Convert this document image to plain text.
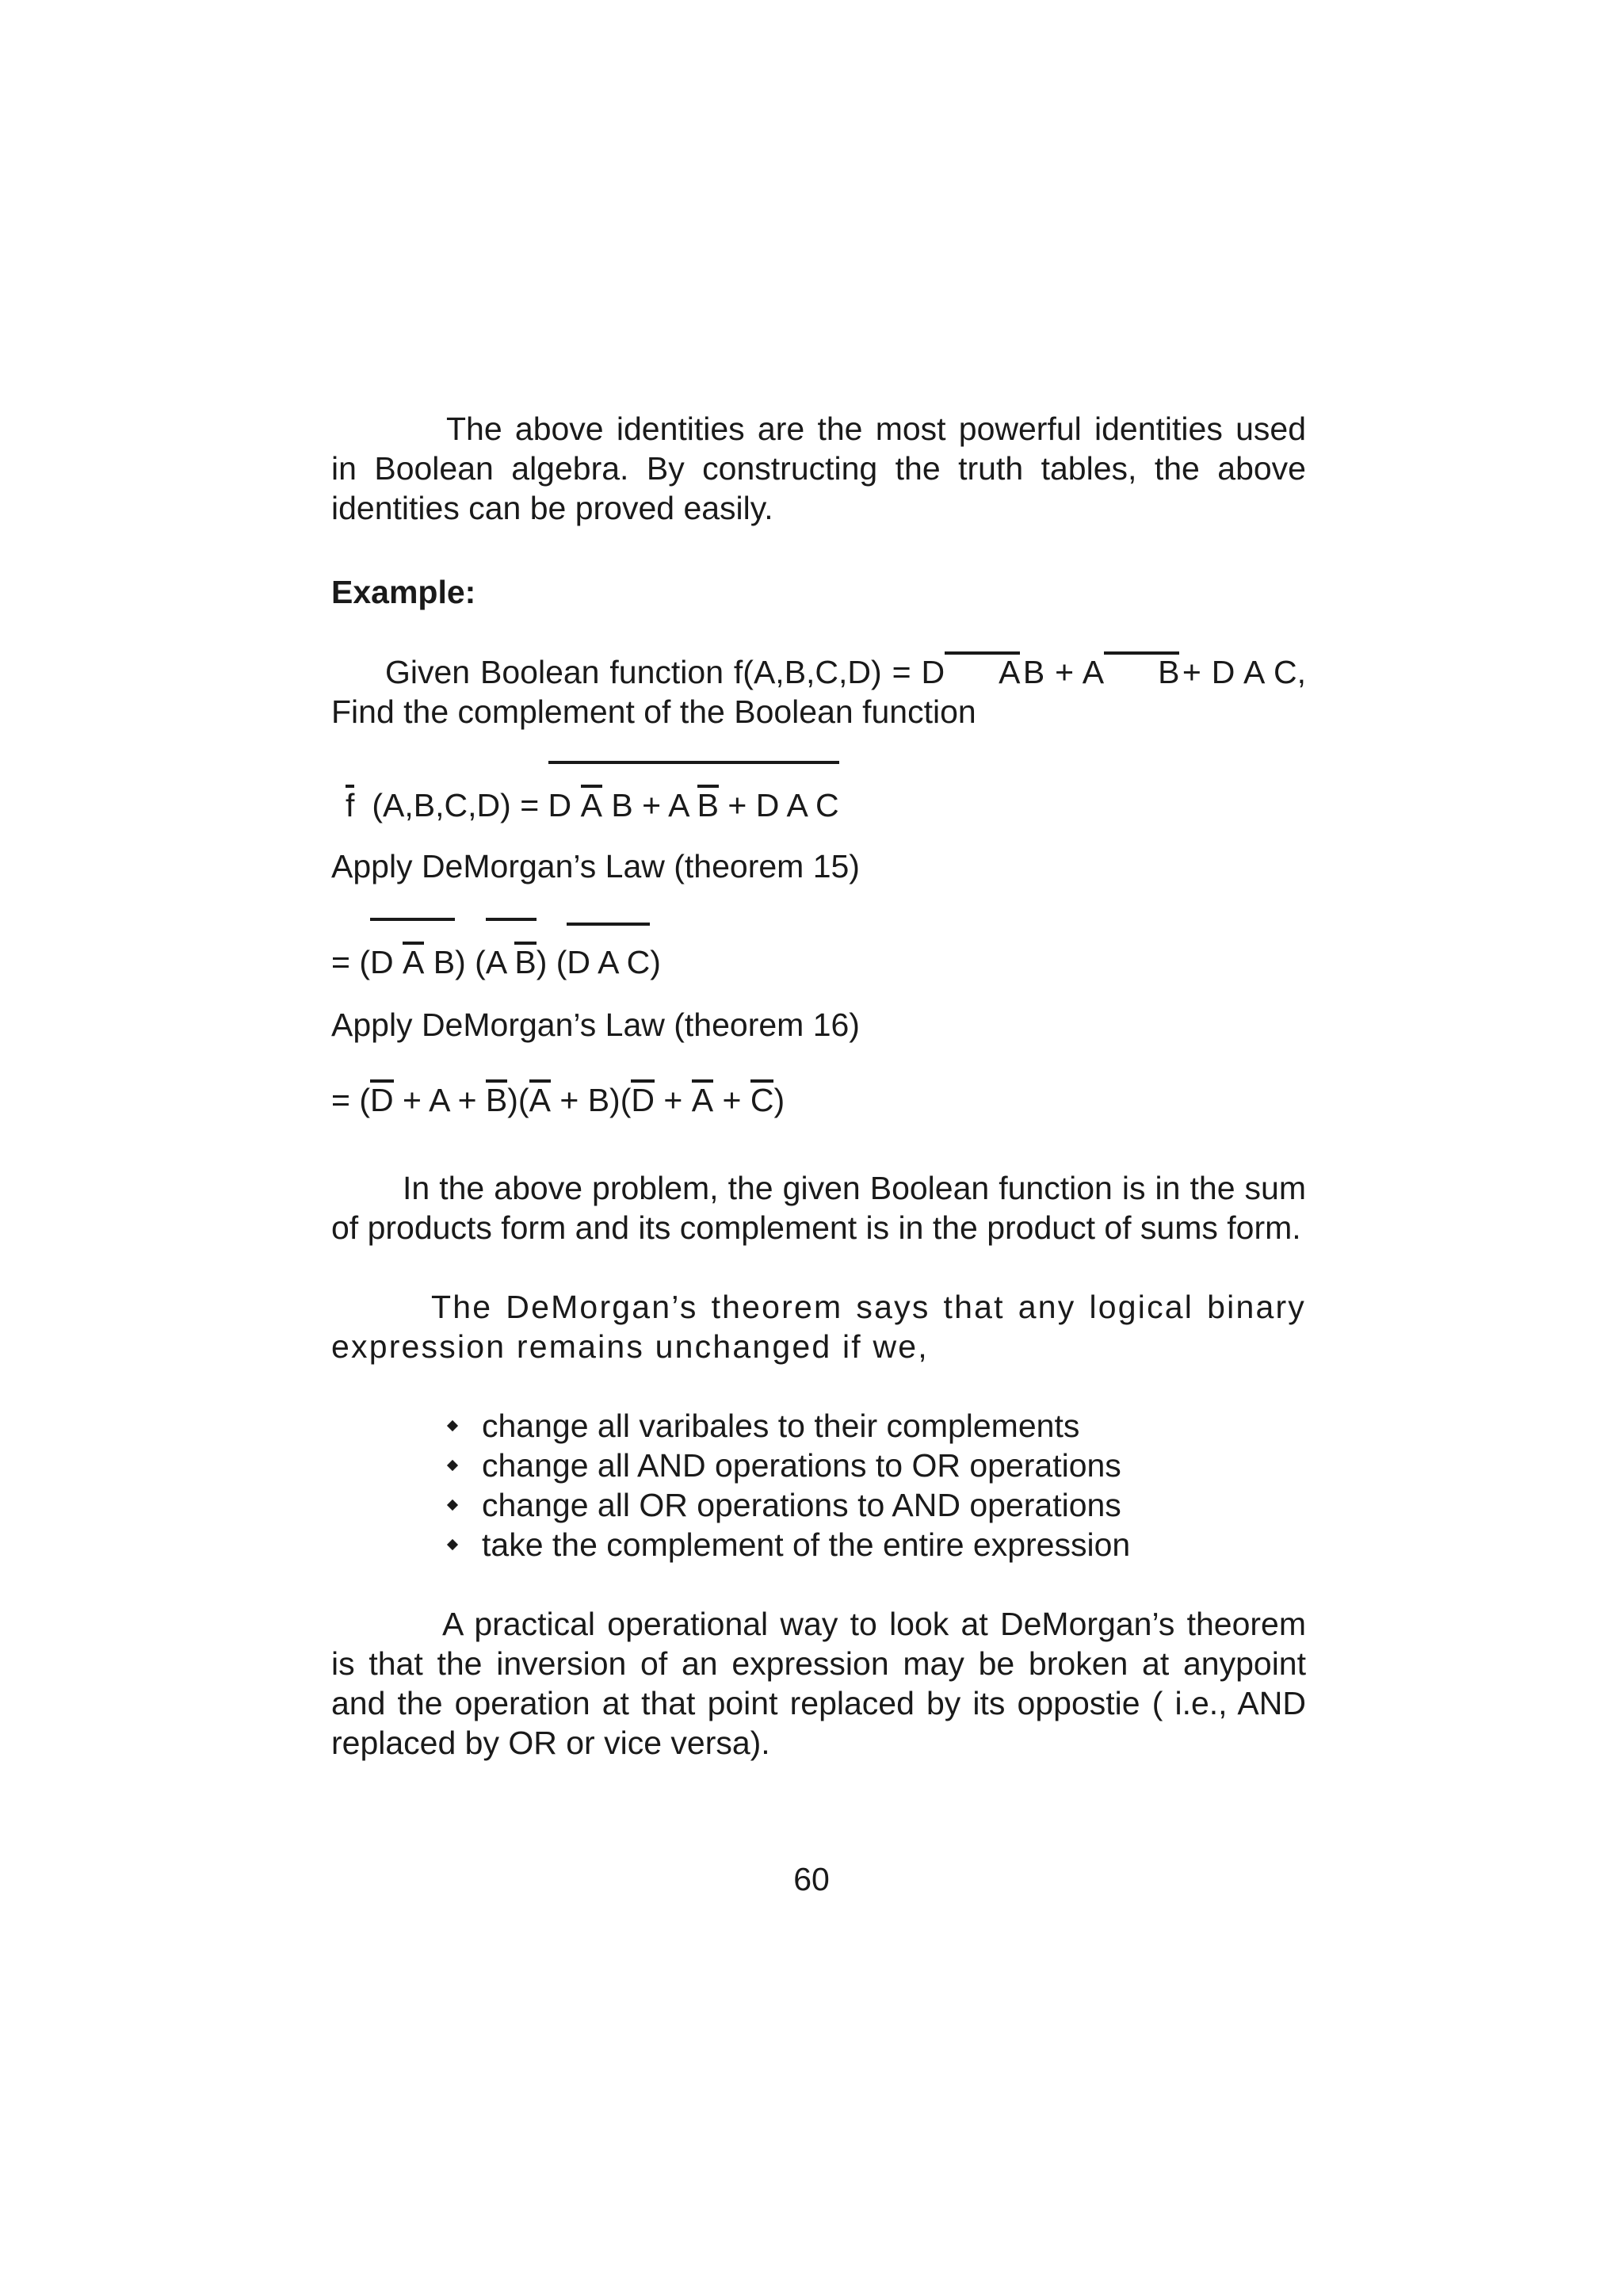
The above identities are the most powerful identities used in Boolean algebra. By constructing the truth tables, the above identities can be proved easily.

Example:

Given Boolean function f(A,B,C,D) = D A B + A B + D A C, Find the complement of the Boolean function

f (A,B,C,D) = D A B + A B + D A C

Apply DeMorgan’s Law (theorem 15)

= (D A B) (A B) (D A C)

Apply DeMorgan’s Law (theorem 16)

= (D + A + B)(A + B)(D + A + C)

In the above problem, the given Boolean function is in the sum of products form and its complement is in the product of sums form.

The DeMorgan’s theorem says that any logical binary expression remains unchanged if we,

change all varibales to their complements
change all AND operations to OR operations
change all OR operations to AND operations
take the complement of the entire expression

A practical operational way to look at DeMorgan’s theorem is that the inversion of an expression may be broken at anypoint and the operation at that point replaced by its oppostie ( i.e., AND replaced by OR or vice versa).

60
